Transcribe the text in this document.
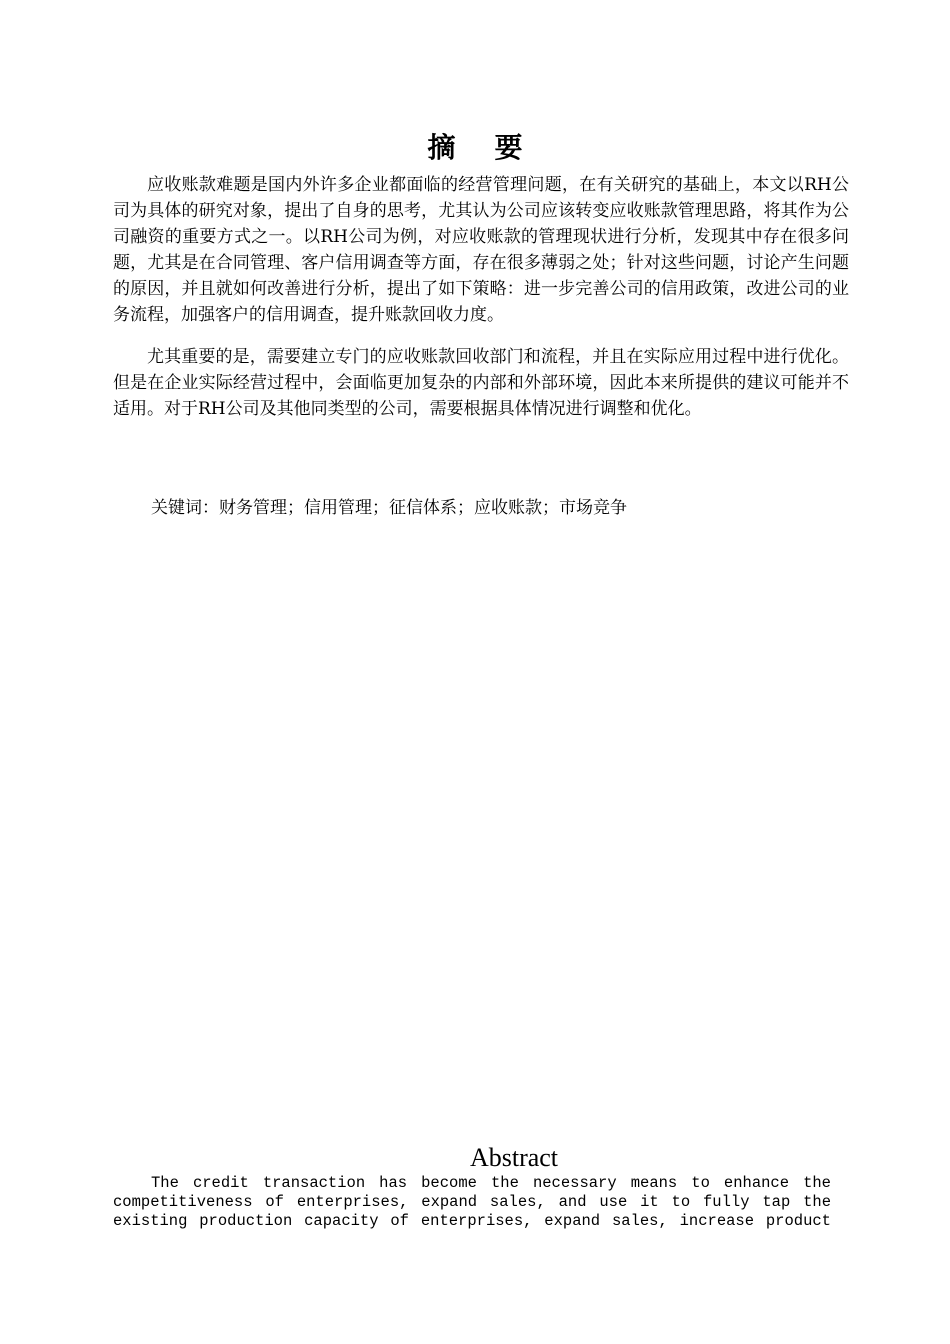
摘    要

应收账款难题是国内外许多企业都面临的经营管理问题，在有关研究的基础上，本文以RH公司为具体的研究对象，提出了自身的思考，尤其认为公司应该转变应收账款管理思路，将其作为公司融资的重要方式之一。以RH公司为例，对应收账款的管理现状进行分析，发现其中存在很多问题，尤其是在合同管理、客户信用调查等方面，存在很多薄弱之处；针对这些问题，讨论产生问题的原因，并且就如何改善进行分析，提出了如下策略：进一步完善公司的信用政策，改进公司的业务流程，加强客户的信用调查，提升账款回收力度。

尤其重要的是，需要建立专门的应收账款回收部门和流程，并且在实际应用过程中进行优化。但是在企业实际经营过程中，会面临更加复杂的内部和外部环境，因此本来所提供的建议可能并不适用。对于RH公司及其他同类型的公司，需要根据具体情况进行调整和优化。

关键词：财务管理；信用管理；征信体系；应收账款；市场竞争
Abstract
The credit transaction has become the necessary means to enhance the
competitiveness of enterprises, expand sales, and use it to fully tap the
existing production capacity of enterprises, expand sales, increase product
